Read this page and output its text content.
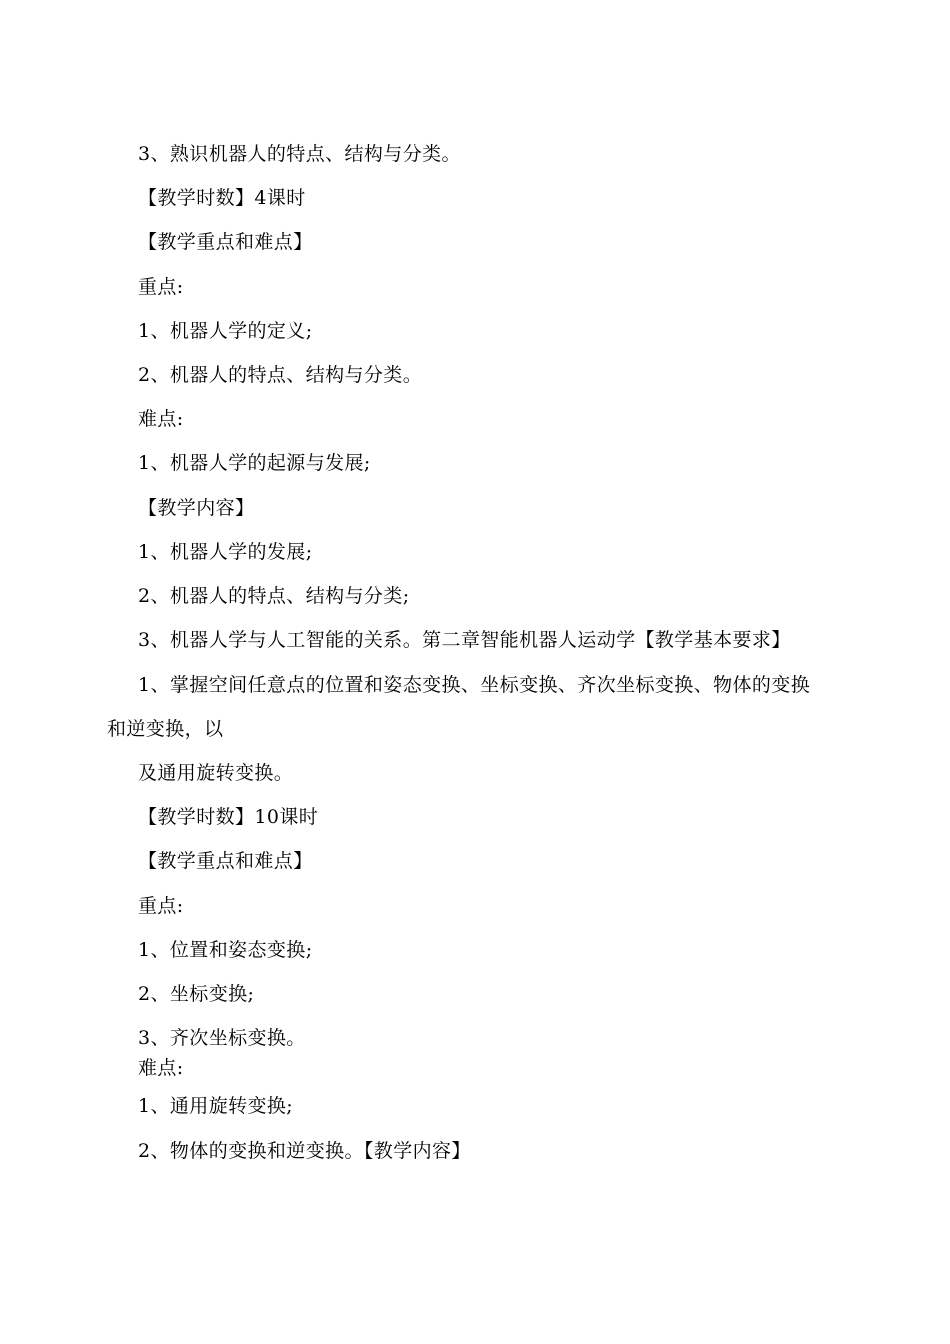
3、熟识机器人的特点、结构与分类。
【教学时数】4课时
【教学重点和难点】
重点:
1、机器人学的定义;
2、机器人的特点、结构与分类。
难点:
1、机器人学的起源与发展;
【教学内容】
1、机器人学的发展;
2、机器人的特点、结构与分类;
3、机器人学与人工智能的关系。第二章智能机器人运动学【教学基本要求】
1、掌握空间任意点的位置和姿态变换、坐标变换、齐次坐标变换、物体的变换
和逆变换，以
及通用旋转变换。
【教学时数】10课时
【教学重点和难点】
重点:
1、位置和姿态变换;
2、坐标变换;
3、齐次坐标变换。
难点:
1、通用旋转变换;
2、物体的变换和逆变换。【教学内容】
